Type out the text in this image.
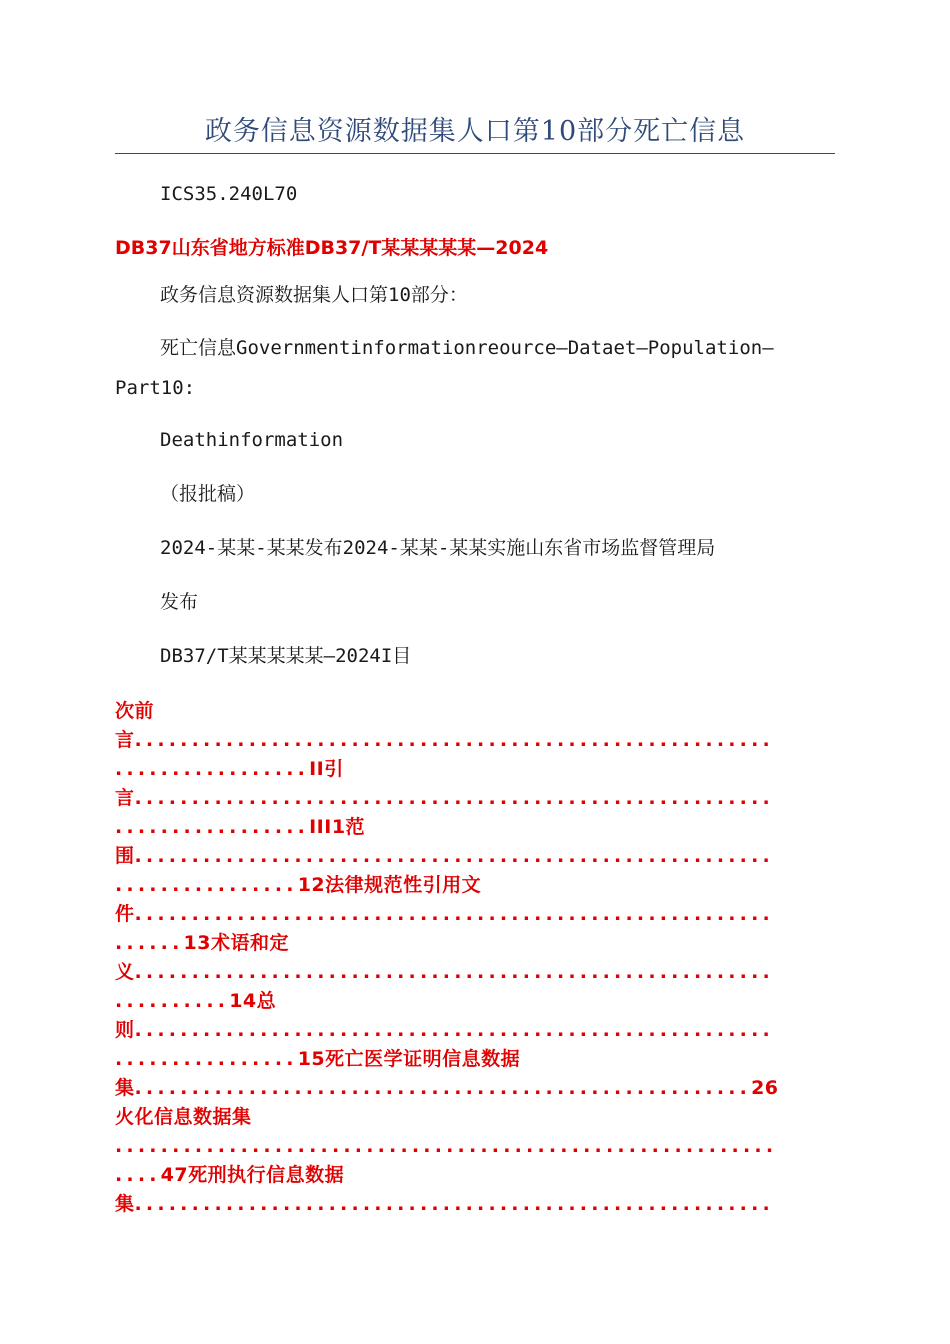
政务信息资源数据集人口第10部分死亡信息
ICS35.240L70
DB37山东省地方标准DB37/T某某某某某—2024
政务信息资源数据集人口第10部分：
死亡信息Governmentinformationreource—Dataet—Population—
Part10:
Deathinformation
（报批稿）
2024-某某-某某发布2024-某某-某某实施山东省市场监督管理局
发布
DB37/T某某某某某—2024I目
次前
言........................................................
.................II引
言........................................................
.................III1范
围........................................................
................12法律规范性引用文
件........................................................
......13术语和定
义........................................................
..........14总
则........................................................
................15死亡医学证明信息数据
集......................................................26
火化信息数据集
..........................................................
....47死刑执行信息数据
集........................................................
